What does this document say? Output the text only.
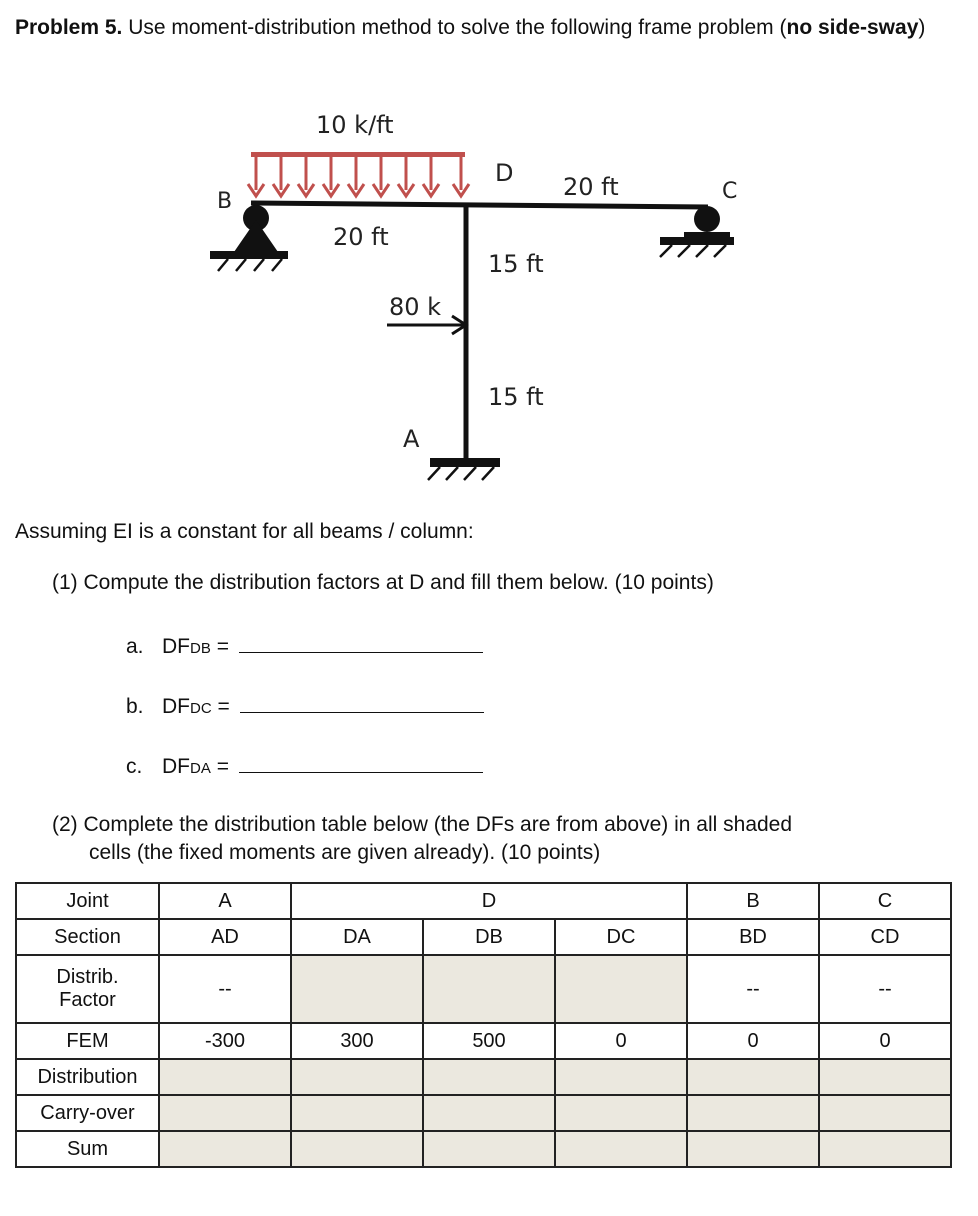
Problem 5. Use moment-distribution method to solve the following frame problem (no side-sway)
10 k/ft
80 k
D
B	C
A
20 ft
20 ft
15 ft
15 ft
Assuming EI is a constant for all beams / column:
(1) Compute the distribution factors at D and fill them below. (10 points)
a. DF DB
=
b. DF DC
=
c. DF DA
=
(2) Complete the distribution table below (the DFs are from above) in all shaded
cells (the fixed moments are given already). (10 points)
Joint	A	D			B	C
Section	AD	DA	DB	DC	BD	CD
Distrib.
Factor	--				--	--
FEM	-300	300	500	0	0	0
Distribution						
Carry-over						
Sum						
